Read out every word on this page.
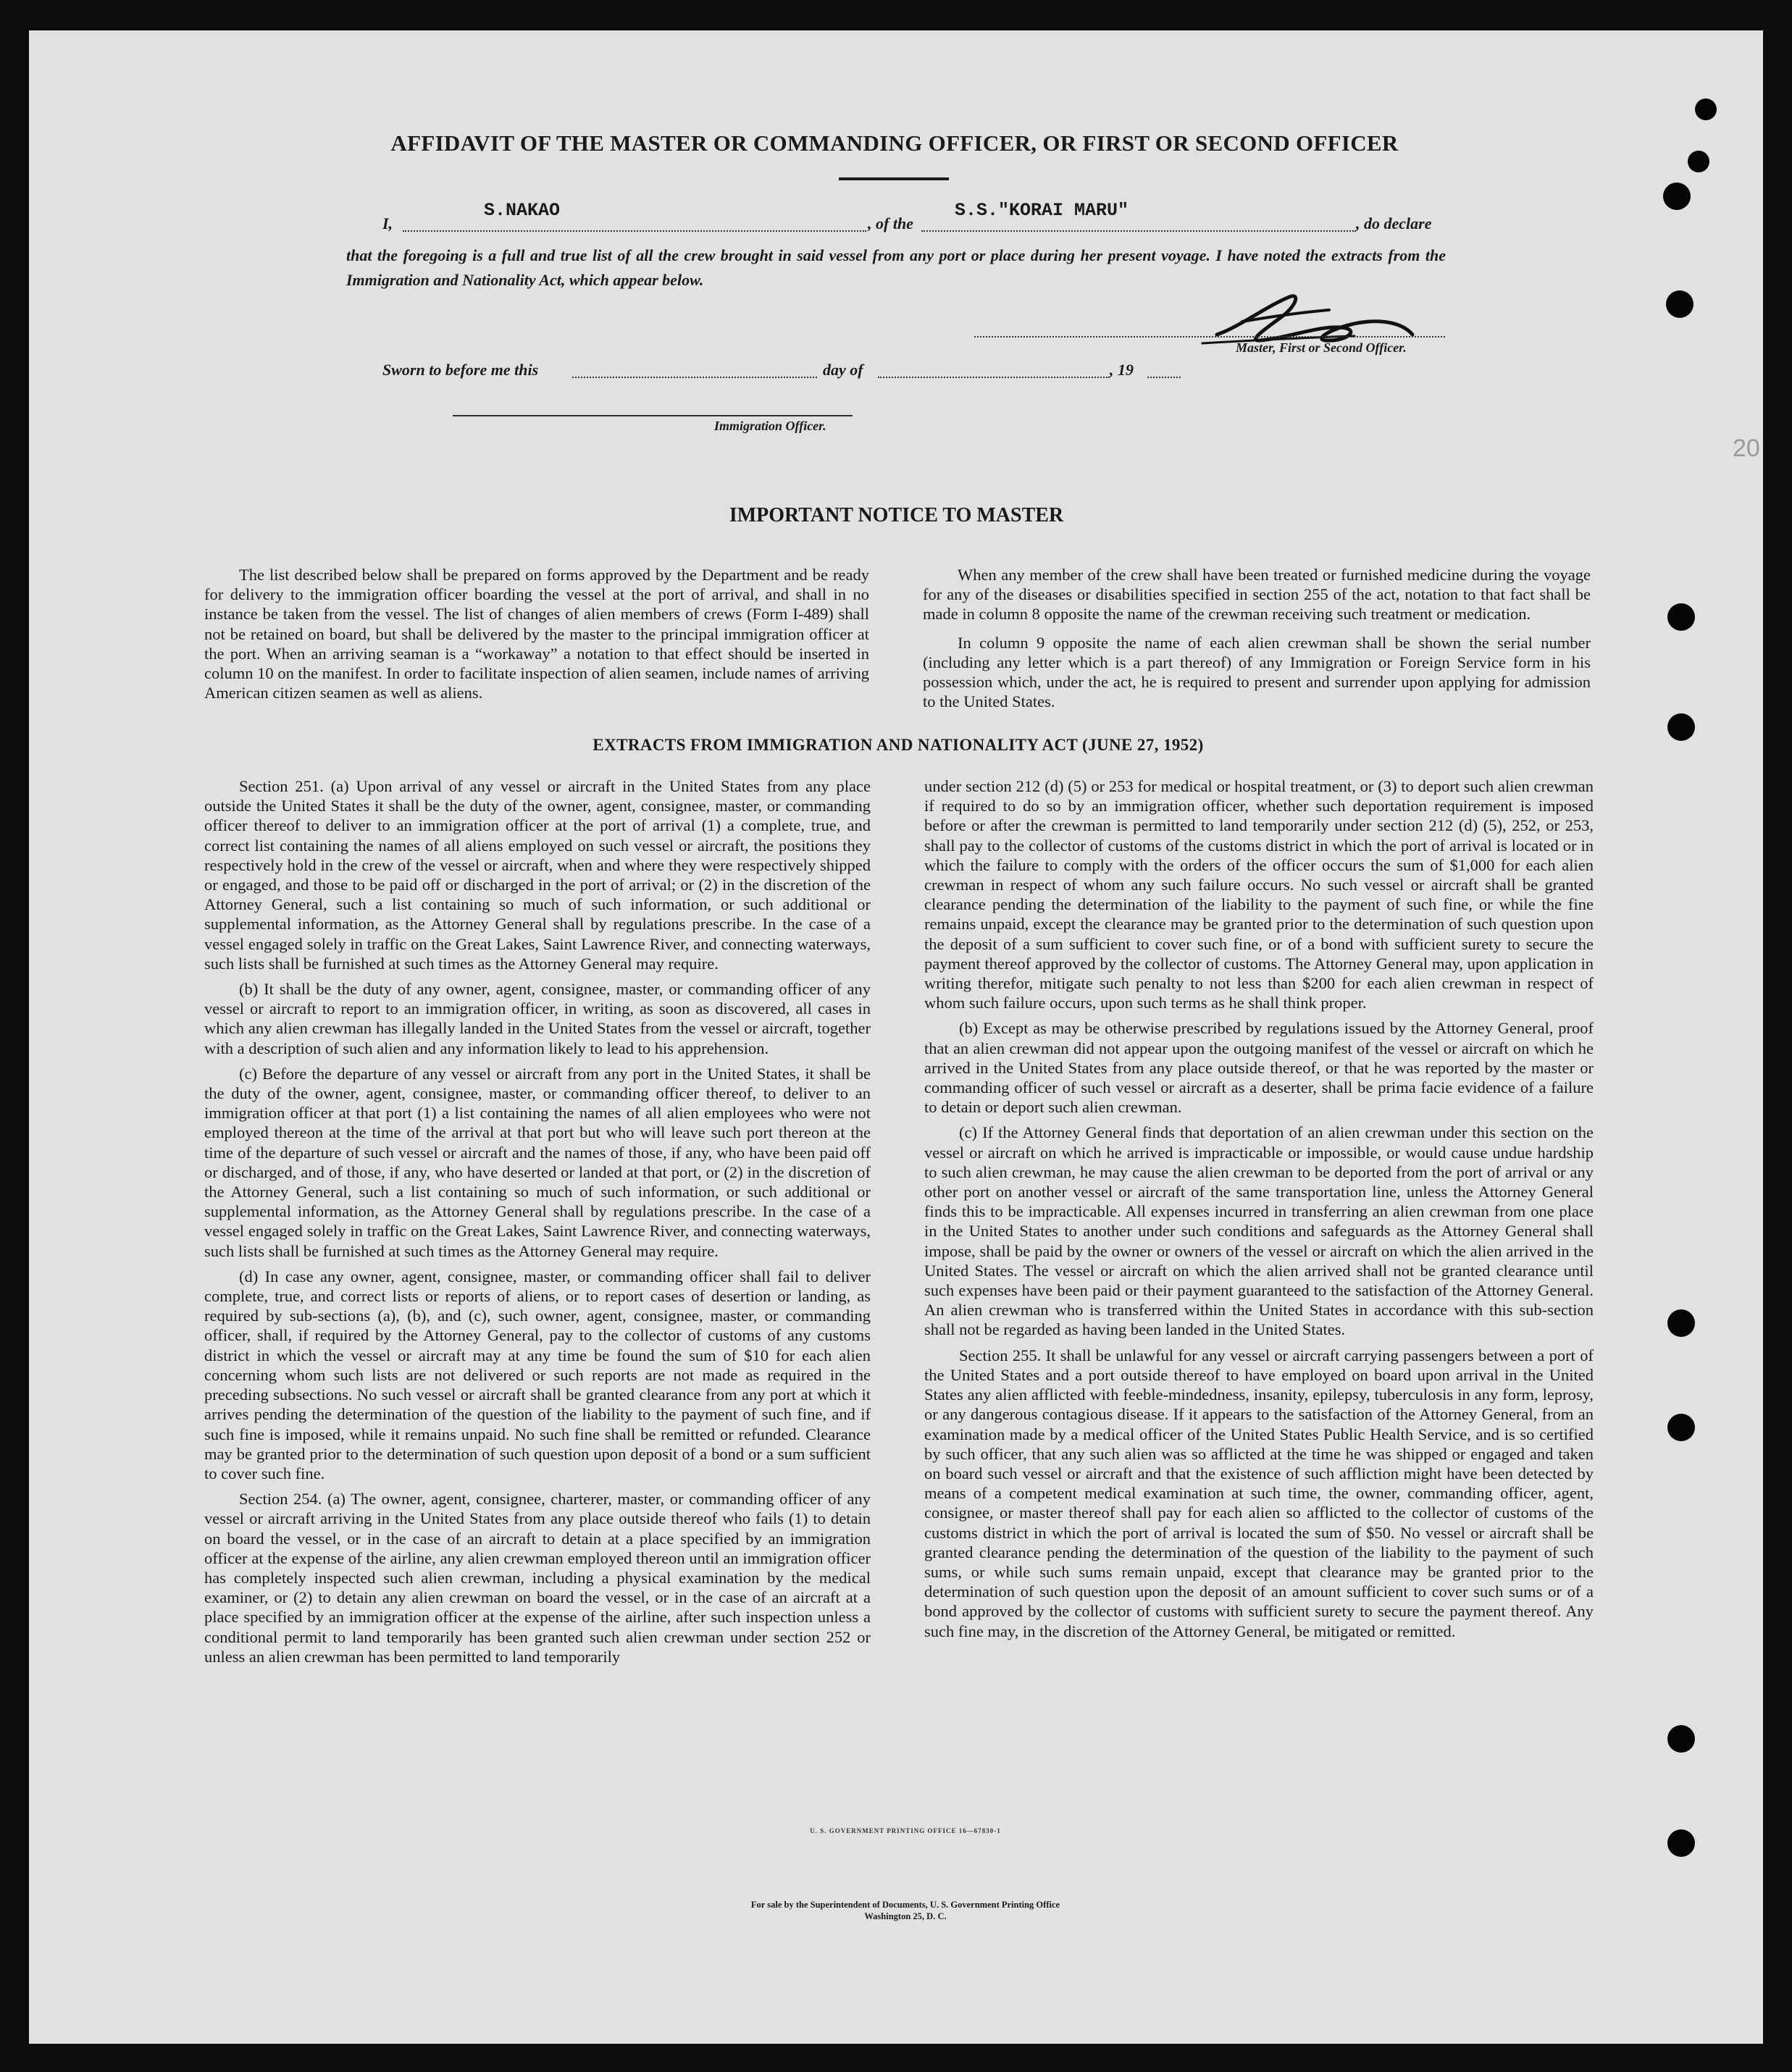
20
AFFIDAVIT OF THE MASTER OR COMMANDING OFFICER, OR FIRST OR SECOND OFFICER
I,
S.NAKAO
, of the
S.S."KORAI MARU"
, do declare
that the foregoing is a full and true list of all the crew brought in said vessel from any port or place during her present voyage. I have noted the extracts from the Immigration and Nationality Act, which appear below.
Master, First or Second Officer.
Sworn to before me this	day of	, 19
Immigration Officer.
IMPORTANT NOTICE TO MASTER

The list described below shall be prepared on forms approved by the Department and be ready for delivery to the immigration officer boarding the vessel at the port of arrival, and shall in no instance be taken from the vessel. The list of changes of alien members of crews (Form I-489) shall not be retained on board, but shall be delivered by the master to the principal immigration officer at the port. When an arriving seaman is a “workaway” a notation to that effect should be inserted in column 10 on the manifest. In order to facilitate inspection of alien seamen, include names of arriving American citizen seamen as well as aliens.

When any member of the crew shall have been treated or furnished medicine during the voyage for any of the diseases or disabilities specified in section 255 of the act, notation to that fact shall be made in column 8 opposite the name of the crewman receiving such treatment or medication.

In column 9 opposite the name of each alien crewman shall be shown the serial number (including any letter which is a part thereof) of any Immigration or Foreign Service form in his possession which, under the act, he is required to present and surrender upon applying for admission to the United States.

EXTRACTS FROM IMMIGRATION AND NATIONALITY ACT (JUNE 27, 1952)

Section 251. (a) Upon arrival of any vessel or aircraft in the United States from any place outside the United States it shall be the duty of the owner, agent, consignee, master, or commanding officer thereof to deliver to an immigration officer at the port of arrival (1) a complete, true, and correct list containing the names of all aliens employed on such vessel or aircraft, the positions they respectively hold in the crew of the vessel or aircraft, when and where they were respectively shipped or engaged, and those to be paid off or discharged in the port of arrival; or (2) in the discretion of the Attorney General, such a list containing so much of such information, or such additional or supplemental information, as the Attorney General shall by regulations prescribe. In the case of a vessel engaged solely in traffic on the Great Lakes, Saint Lawrence River, and connecting waterways, such lists shall be furnished at such times as the Attorney General may require.

(b) It shall be the duty of any owner, agent, consignee, master, or commanding officer of any vessel or aircraft to report to an immigration officer, in writing, as soon as discovered, all cases in which any alien crewman has illegally landed in the United States from the vessel or aircraft, together with a description of such alien and any information likely to lead to his apprehension.

(c) Before the departure of any vessel or aircraft from any port in the United States, it shall be the duty of the owner, agent, consignee, master, or commanding officer thereof, to deliver to an immigration officer at that port (1) a list containing the names of all alien employees who were not employed thereon at the time of the arrival at that port but who will leave such port thereon at the time of the departure of such vessel or aircraft and the names of those, if any, who have been paid off or discharged, and of those, if any, who have deserted or landed at that port, or (2) in the discretion of the Attorney General, such a list containing so much of such information, or such additional or supplemental information, as the Attorney General shall by regulations prescribe. In the case of a vessel engaged solely in traffic on the Great Lakes, Saint Lawrence River, and connecting waterways, such lists shall be furnished at such times as the Attorney General may require.

(d) In case any owner, agent, consignee, master, or commanding officer shall fail to deliver complete, true, and correct lists or reports of aliens, or to report cases of desertion or landing, as required by sub-sections (a), (b), and (c), such owner, agent, consignee, master, or commanding officer, shall, if required by the Attorney General, pay to the collector of customs of any customs district in which the vessel or aircraft may at any time be found the sum of $10 for each alien concerning whom such lists are not delivered or such reports are not made as required in the preceding subsections. No such vessel or aircraft shall be granted clearance from any port at which it arrives pending the determination of the question of the liability to the payment of such fine, and if such fine is imposed, while it remains unpaid. No such fine shall be remitted or refunded. Clearance may be granted prior to the determination of such question upon deposit of a bond or a sum sufficient to cover such fine.

Section 254. (a) The owner, agent, consignee, charterer, master, or commanding officer of any vessel or aircraft arriving in the United States from any place outside thereof who fails (1) to detain on board the vessel, or in the case of an aircraft to detain at a place specified by an immigration officer at the expense of the airline, any alien crewman employed thereon until an immigration officer has completely inspected such alien crewman, including a physical examination by the medical examiner, or (2) to detain any alien crewman on board the vessel, or in the case of an aircraft at a place specified by an immigration officer at the expense of the airline, after such inspection unless a conditional permit to land temporarily has been granted such alien crewman under section 252 or unless an alien crewman has been permitted to land temporarily

under section 212 (d) (5) or 253 for medical or hospital treatment, or (3) to deport such alien crewman if required to do so by an immigration officer, whether such deportation requirement is imposed before or after the crewman is permitted to land temporarily under section 212 (d) (5), 252, or 253, shall pay to the collector of customs of the customs district in which the port of arrival is located or in which the failure to comply with the orders of the officer occurs the sum of $1,000 for each alien crewman in respect of whom any such failure occurs. No such vessel or aircraft shall be granted clearance pending the determination of the liability to the payment of such fine, or while the fine remains unpaid, except the clearance may be granted prior to the determination of such question upon the deposit of a sum sufficient to cover such fine, or of a bond with sufficient surety to secure the payment thereof approved by the collector of customs. The Attorney General may, upon application in writing therefor, mitigate such penalty to not less than $200 for each alien crewman in respect of whom such failure occurs, upon such terms as he shall think proper.

(b) Except as may be otherwise prescribed by regulations issued by the Attorney General, proof that an alien crewman did not appear upon the outgoing manifest of the vessel or aircraft on which he arrived in the United States from any place outside thereof, or that he was reported by the master or commanding officer of such vessel or aircraft as a deserter, shall be prima facie evidence of a failure to detain or deport such alien crewman.

(c) If the Attorney General finds that deportation of an alien crewman under this section on the vessel or aircraft on which he arrived is impracticable or impossible, or would cause undue hardship to such alien crewman, he may cause the alien crewman to be deported from the port of arrival or any other port on another vessel or aircraft of the same transportation line, unless the Attorney General finds this to be impracticable. All expenses incurred in transferring an alien crewman from one place in the United States to another under such conditions and safeguards as the Attorney General shall impose, shall be paid by the owner or owners of the vessel or aircraft on which the alien arrived in the United States. The vessel or aircraft on which the alien arrived shall not be granted clearance until such expenses have been paid or their payment guaranteed to the satisfaction of the Attorney General. An alien crewman who is transferred within the United States in accordance with this sub-section shall not be regarded as having been landed in the United States.

Section 255. It shall be unlawful for any vessel or aircraft carrying passengers between a port of the United States and a port outside thereof to have employed on board upon arrival in the United States any alien afflicted with feeble-mindedness, insanity, epilepsy, tuberculosis in any form, leprosy, or any dangerous contagious disease. If it appears to the satisfaction of the Attorney General, from an examination made by a medical officer of the United States Public Health Service, and is so certified by such officer, that any such alien was so afflicted at the time he was shipped or engaged and taken on board such vessel or aircraft and that the existence of such affliction might have been detected by means of a competent medical examination at such time, the owner, commanding officer, agent, consignee, or master thereof shall pay for each alien so afflicted to the collector of customs of the customs district in which the port of arrival is located the sum of $50. No vessel or aircraft shall be granted clearance pending the determination of the question of the liability to the payment of such sums, or while such sums remain unpaid, except that clearance may be granted prior to the determination of such question upon the deposit of an amount sufficient to cover such sums or of a bond approved by the collector of customs with sufficient surety to secure the payment thereof. Any such fine may, in the discretion of the Attorney General, be mitigated or remitted.

U. S. GOVERNMENT PRINTING OFFICE 16—67830-1
For sale by the Superintendent of Documents, U. S. Government Printing Office
Washington 25, D. C.
